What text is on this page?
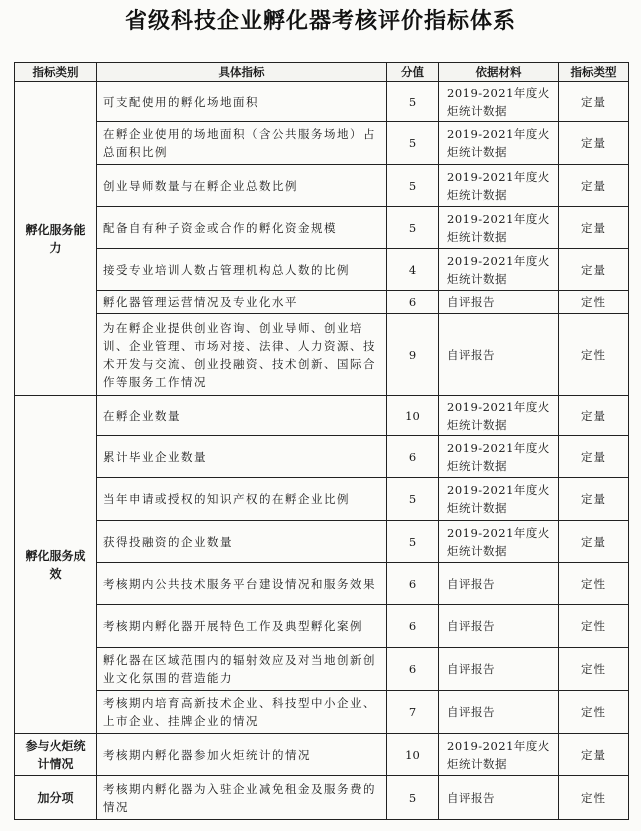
省级科技企业孵化器考核评价指标体系
指标类别	具体指标	分值	依据材料	指标类型
孵化服务能力	可支配使用的孵化场地面积	5	2019-2021年度火炬统计数据	定量
	在孵企业使用的场地面积（含公共服务场地）占总面积比例	5	2019-2021年度火炬统计数据	定量
	创业导师数量与在孵企业总数比例	5	2019-2021年度火炬统计数据	定量
	配备自有种子资金或合作的孵化资金规模	5	2019-2021年度火炬统计数据	定量
	接受专业培训人数占管理机构总人数的比例	4	2019-2021年度火炬统计数据	定量
	孵化器管理运营情况及专业化水平	6	自评报告	定性
	为在孵企业提供创业咨询、创业导师、创业培训、企业管理、市场对接、法律、人力资源、技术开发与交流、创业投融资、技术创新、国际合作等服务工作情况	9	自评报告	定性
孵化服务成效	在孵企业数量	10	2019-2021年度火炬统计数据	定量
	累计毕业企业数量	6	2019-2021年度火炬统计数据	定量
	当年申请或授权的知识产权的在孵企业比例	5	2019-2021年度火炬统计数据	定量
	获得投融资的企业数量	5	2019-2021年度火炬统计数据	定量
	考核期内公共技术服务平台建设情况和服务效果	6	自评报告	定性
	考核期内孵化器开展特色工作及典型孵化案例	6	自评报告	定性
	孵化器在区域范围内的辐射效应及对当地创新创业文化氛围的营造能力	6	自评报告	定性
	考核期内培育高新技术企业、科技型中小企业、上市企业、挂牌企业的情况	7	自评报告	定性
参与火炬统计情况	考核期内孵化器参加火炬统计的情况	10	2019-2021年度火炬统计数据	定量
加分项	考核期内孵化器为入驻企业减免租金及服务费的情况	5	自评报告	定性
